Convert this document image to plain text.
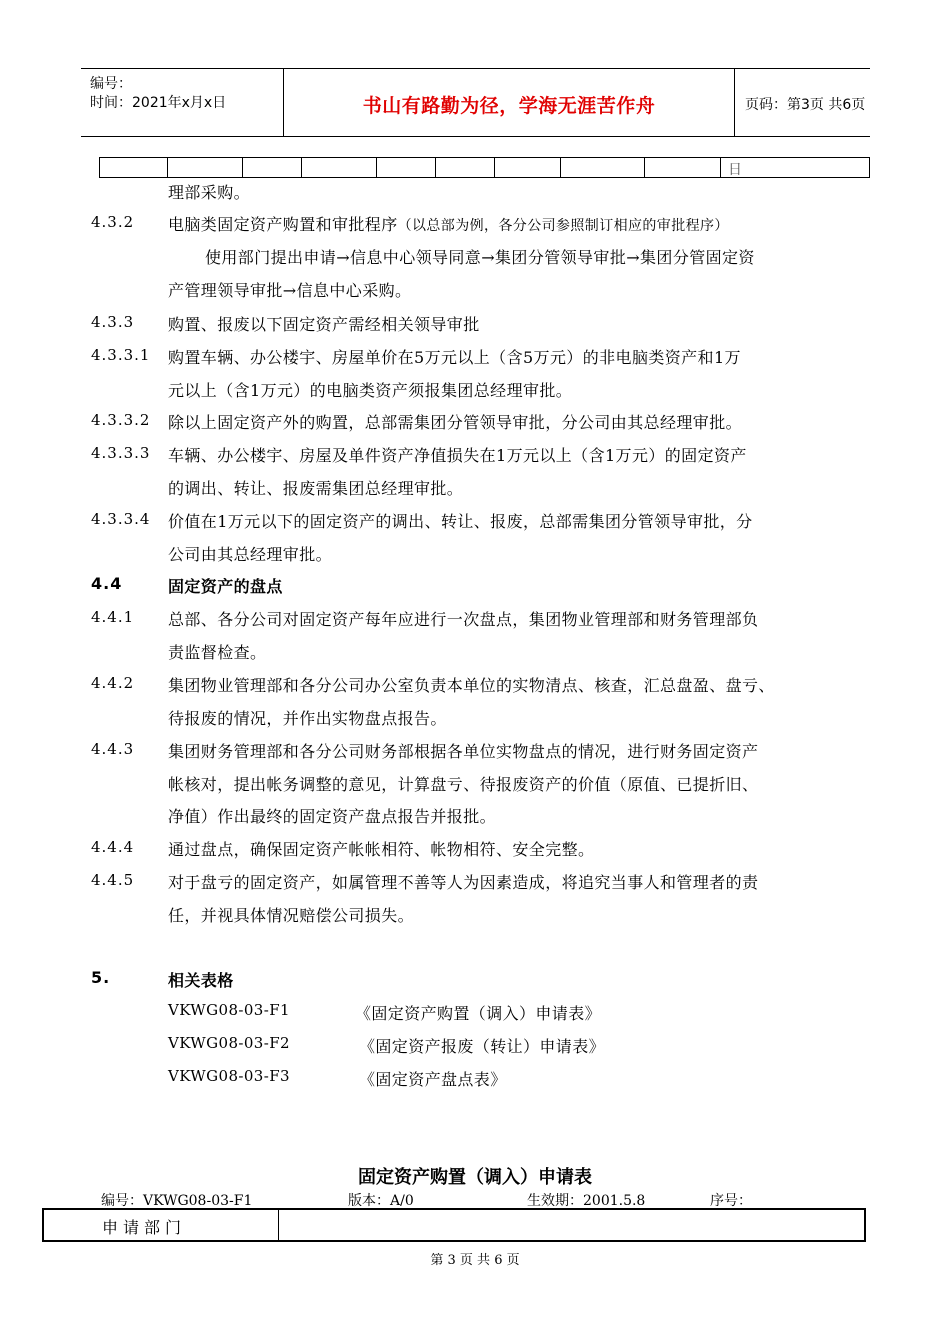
编号：
时间：2021年x月x日	书山有路勤为径，学海无涯苦作舟	页码：第3页 共6页
日
理部采购。
4.3.2 电脑类固定资产购置和审批程序（以总部为例，各分公司参照制订相应的审批程序）
使用部门提出申请→信息中心领导同意→集团分管领导审批→集团分管固定资
产管理领导审批→信息中心采购。
4.3.3 购置、报废以下固定资产需经相关领导审批
4.3.3.1 购置车辆、办公楼宇、房屋单价在5万元以上（含5万元）的非电脑类资产和1万
元以上（含1万元）的电脑类资产须报集团总经理审批。
4.3.3.2 除以上固定资产外的购置，总部需集团分管领导审批，分公司由其总经理审批。
4.3.3.3 车辆、办公楼宇、房屋及单件资产净值损失在1万元以上（含1万元）的固定资产
的调出、转让、报废需集团总经理审批。
4.3.3.4 价值在1万元以下的固定资产的调出、转让、报废，总部需集团分管领导审批，分
公司由其总经理审批。
4.4	固定资产的盘点
4.4.1 总部、各分公司对固定资产每年应进行一次盘点，集团物业管理部和财务管理部负
责监督检查。
4.4.2 集团物业管理部和各分公司办公室负责本单位的实物清点、核查，汇总盘盈、盘亏、
待报废的情况，并作出实物盘点报告。
4.4.3 集团财务管理部和各分公司财务部根据各单位实物盘点的情况，进行财务固定资产
帐核对，提出帐务调整的意见，计算盘亏、待报废资产的价值（原值、已提折旧、
净值）作出最终的固定资产盘点报告并报批。
4.4.4 通过盘点，确保固定资产帐帐相符、帐物相符、安全完整。
4.4.5 对于盘亏的固定资产，如属管理不善等人为因素造成，将追究当事人和管理者的责
任，并视具体情况赔偿公司损失。
5.	相关表格
VKWG08-03-F1	《固定资产购置（调入）申请表》
VKWG08-03-F2	《固定资产报废（转让）申请表》
VKWG08-03-F3	《固定资产盘点表》
固定资产购置（调入）申请表
编号：VKWG08-03-F1	版本：A/0	生效期：2001.5.8	序号：
申请部门
第 3 页 共 6 页
